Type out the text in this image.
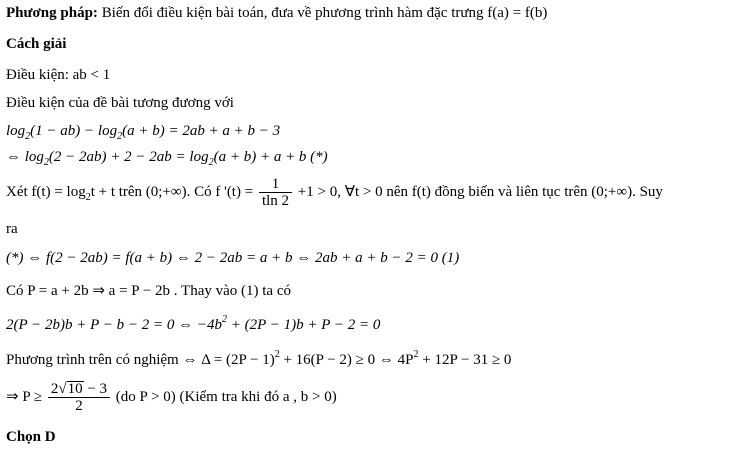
Phương pháp: Biến đổi điều kiện bài toán, đưa về phương trình hàm đặc trưng f(a) = f(b)
Cách giải
Điều kiện: ab < 1
Điều kiện của đề bài tương đương với
$\log_2(1 - ab) - \log_2(a + b) = 2ab + a + b - 3$
⇔ $\log_2(2 - 2ab) + 2 - 2ab = \log_2(a + b) + a + b$ (*)
Xét $f(t) = \log_2t + t$ trên (0;+∞). Có f '$(t) = \frac{1}{tln 2} +1 > 0$, ∀t > 0 nên f(t) đồng biến và liên tục trên (0;+∞). Suy
ra
(*) ⇔ f(2 − 2ab) = f(a + b) ⇔ 2 − 2ab = a + b ⇔ 2ab + a + b − 2 = 0 (1)
Có P = a + 2b ⇒ a = P − 2b . Thay vào (1) ta có
2(P − 2b)b + P − b − 2 = 0 ⇔ $-4b^2 + (2P - 1)b + P - 2 = 0$
Phương trình trên có nghiệm ⇔ $\Delta = (2P - 1)^2 + 16(P - 2) \ge 0$ ⇔ $4P^2 + 12P - 31 \ge 0$
⇒ $P \ge \frac{2√10 - 3}{2} (do$ P > 0) (Kiểm tra khi đó a , b > 0)
Chọn D
